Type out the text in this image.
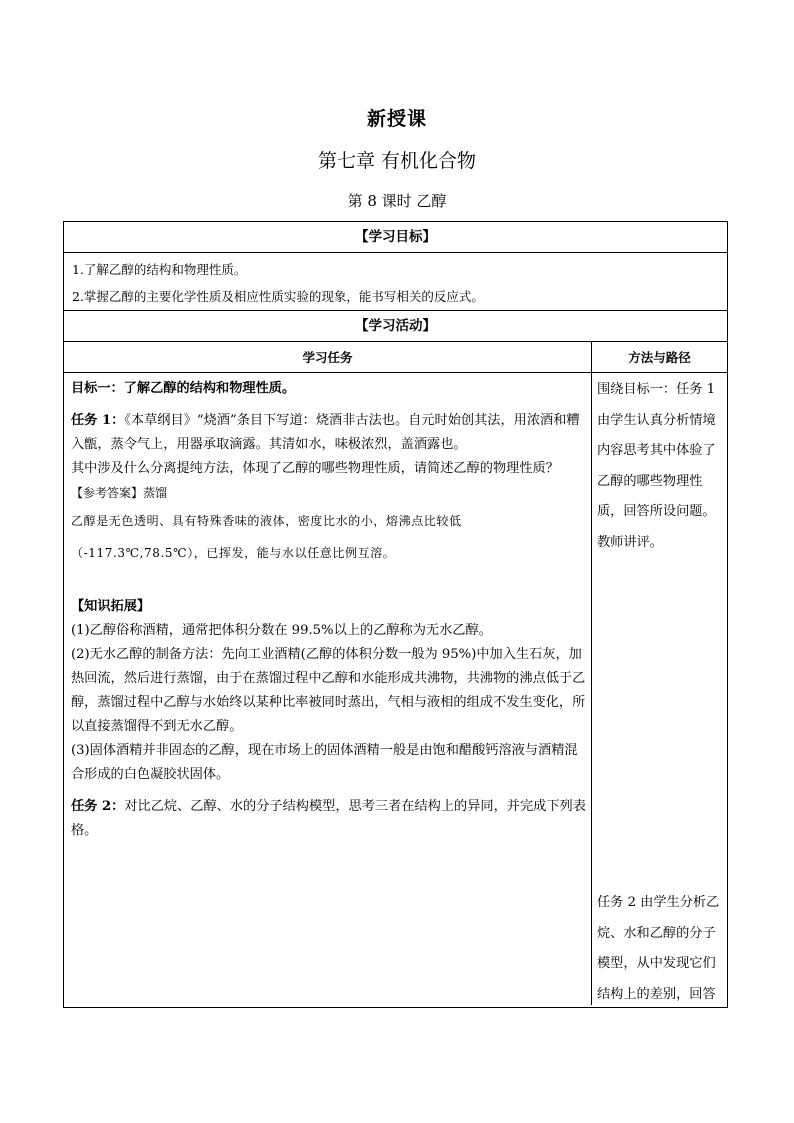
新授课
第七章 有机化合物
第 8 课时 乙醇
【学习目标】

1.了解乙醇的结构和物理性质。

2.掌握乙醇的主要化学性质及相应性质实验的现象，能书写相关的反应式。

【学习活动】
学习任务	方法与路径

目标一：了解乙醇的结构和物理性质。

任务 1：《本草纲目》“烧酒”条目下写道：烧酒非古法也。自元时始创其法，用浓酒和糟入甑，蒸令气上，用器承取滴露。其清如水，味极浓烈，盖酒露也。

其中涉及什么分离提纯方法，体现了乙醇的哪些物理性质，请简述乙醇的物理性质？

【参考答案】蒸馏

乙醇是无色透明、具有特殊香味的液体，密度比水的小，熔沸点比较低（-117.3℃,78.5℃），已挥发，能与水以任意比例互溶。

【知识拓展】

(1)乙醇俗称酒精，通常把体积分数在 99.5%以上的乙醇称为无水乙醇。

(2)无水乙醇的制备方法：先向工业酒精(乙醇的体积分数一般为 95%)中加入生石灰，加热回流，然后进行蒸馏，由于在蒸馏过程中乙醇和水能形成共沸物，共沸物的沸点低于乙醇，蒸馏过程中乙醇与水始终以某种比率被同时蒸出，气相与液相的组成不发生变化，所以直接蒸馏得不到无水乙醇。

(3)固体酒精并非固态的乙醇，现在市场上的固体酒精一般是由饱和醋酸钙溶液与酒精混合形成的白色凝胶状固体。

任务 2：对比乙烷、乙醇、水的分子结构模型，思考三者在结构上的异同，并完成下列表格。

围绕目标一：任务 1 由学生认真分析情境内容思考其中体验了乙醇的哪些物理性质，回答所设问题。教师讲评。

任务 2 由学生分析乙烷、水和乙醇的分子模型，从中发现它们结构上的差别，回答
